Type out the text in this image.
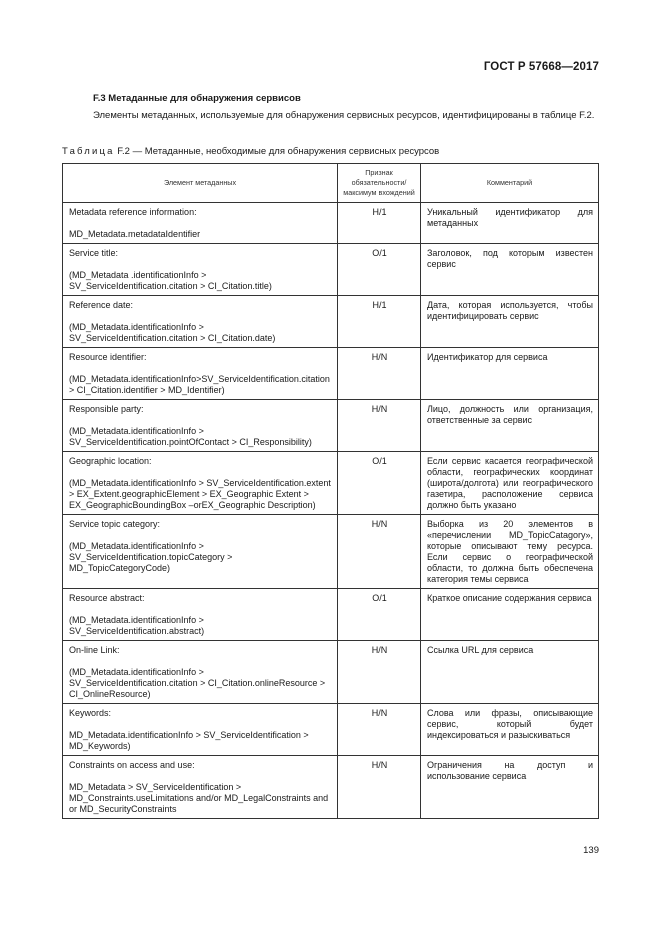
ГОСТ Р 57668—2017
F.3 Метаданные для обнаружения сервисов
Элементы метаданных, используемые для обнаружения сервисных ресурсов, идентифицированы в таблице F.2.
Таблица F.2 — Метаданные, необходимые для обнаружения сервисных ресурсов
Элемент метаданных	Признак обязательности/максимум вхождений	Комментарий

Metadata reference information:
MD_Metadata.metadataIdentifier	Н/1	Уникальный идентификатор для метаданных

Service title:
(MD_Metadata .identificationInfo > SV_ServiceIdentification.citation > CI_Citation.title)	О/1	Заголовок, под которым известен сервис

Reference date:
(MD_Metadata.identificationInfo > SV_ServiceIdentification.citation > CI_Citation.date)	Н/1	Дата, которая используется, чтобы идентифицировать сервис

Resource identifier:
(MD_Metadata.identificationInfo>SV_ServiceIdentification.citation > CI_Citation.identifier > MD_Identifier)	Н/N	Идентификатор для сервиса

Responsible party:
(MD_Metadata.identificationInfo > SV_ServiceIdentification.pointOfContact > CI_Responsibility)	Н/N	Лицо, должность или организация, ответственные за сервис

Geographic location:
(MD_Metadata.identificationInfo > SV_ServiceIdentification.extent > EX_Extent.geographicElement > EX_Geographic Extent > EX_GeographicBoundingBox –orEX_Geographic Description)	О/1	Если сервис касается географической области, географических координат (широта/долгота) или географического газетира, расположение сервиса должно быть указано

Service topic category:
(MD_Metadata.identificationInfo > SV_ServiceIdentification.topicCategory > MD_TopicCategoryCode)	Н/N	Выборка из 20 элементов в «перечислении MD_TopicCatagory», которые описывают тему ресурса. Если сервис о географической области, то должна быть обеспечена категория темы сервиса

Resource abstract:
(MD_Metadata.identificationInfo > SV_ServiceIdentification.abstract)	О/1	Краткое описание содержания сервиса

On-line Link:
(MD_Metadata.identificationInfo > SV_ServiceIdentification.citation > CI_Citation.onlineResource > CI_OnlineResource)	Н/N	Ссылка URL для сервиса

Keywords:
MD_Metadata.identificationInfo > SV_ServiceIdentification > MD_Keywords)	Н/N	Слова или фразы, описывающие сервис, который будет индексироваться и разыскиваться

Constraints on access and use:
MD_Metadata > SV_ServiceIdentification > MD_Constraints.useLimitations and/or MD_LegalConstraints and or MD_SecurityConstraints	Н/N	Ограничения на доступ и использование сервиса
139
